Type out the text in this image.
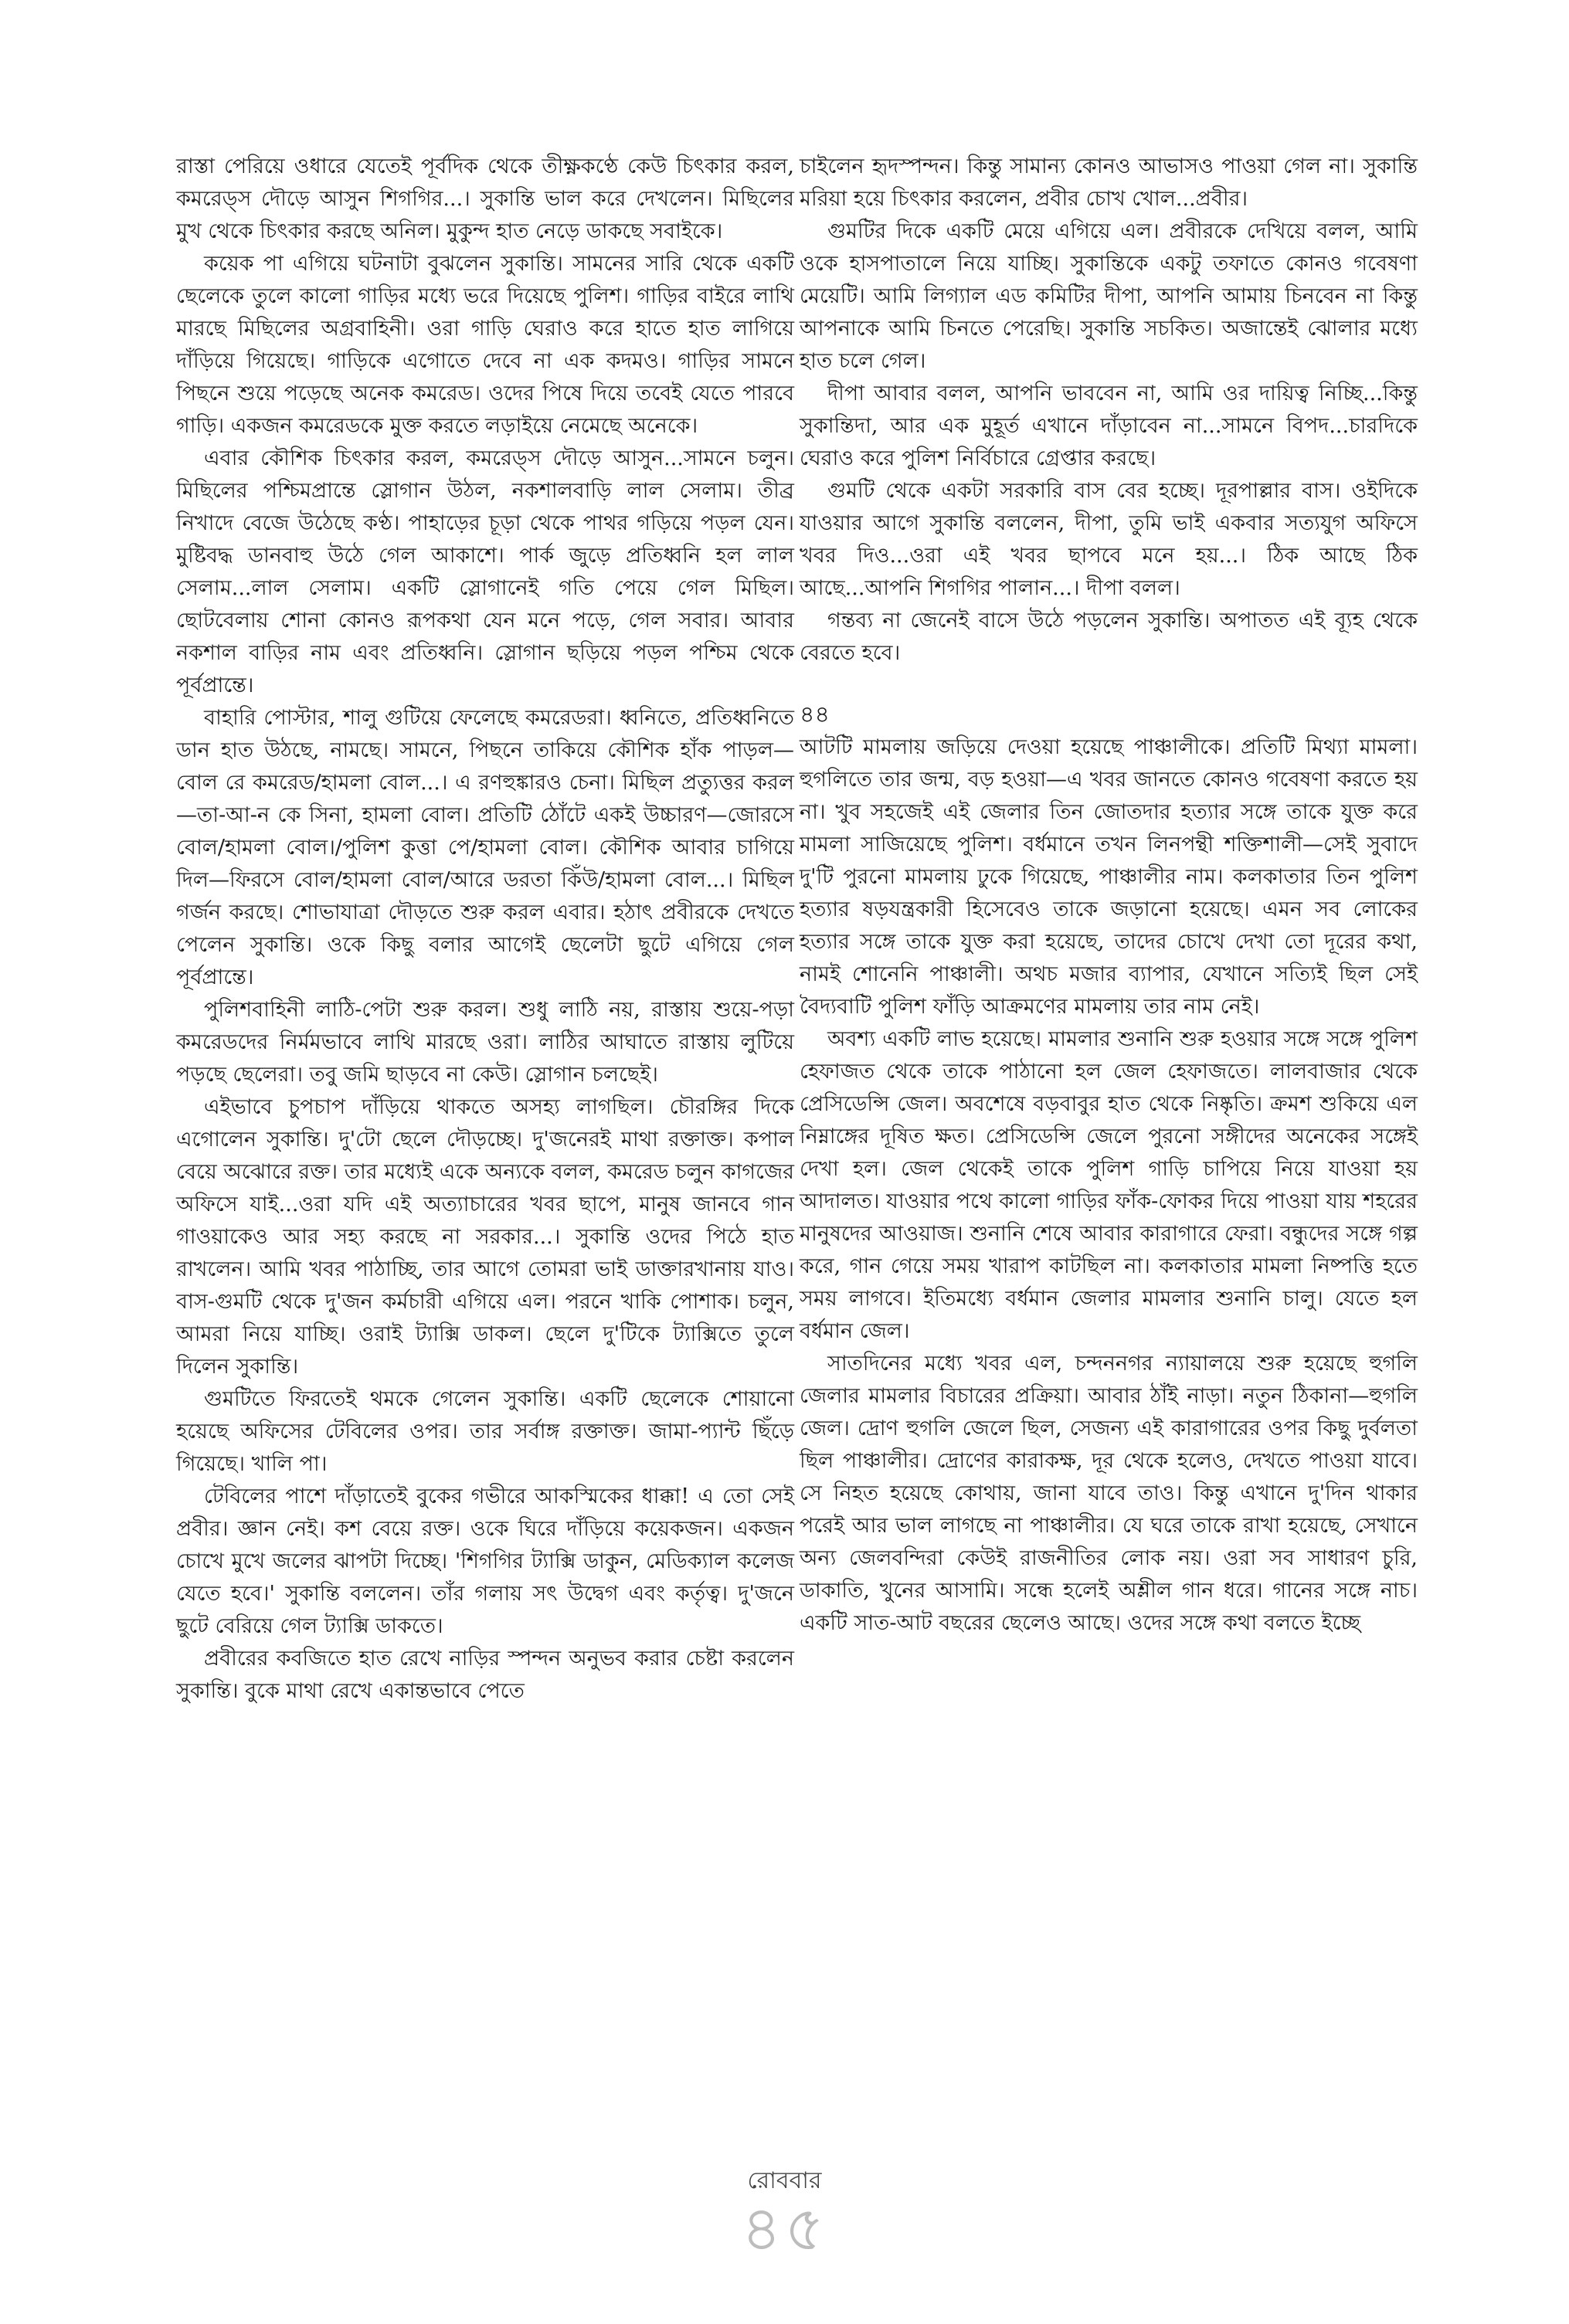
রাস্তা পেরিয়ে ওধারে যেতেই পূর্বদিক থেকে তীক্ষ্ণকণ্ঠে কেউ চিৎকার করল, কমরেড্‌স দৌড়ে আসুন শিগগির...। সুকান্তি ভাল করে দেখলেন। মিছিলের মুখ থেকে চিৎকার করছে অনিল। মুকুন্দ হাত নেড়ে ডাকছে সবাইকে।

কয়েক পা এগিয়ে ঘটনাটা বুঝলেন সুকান্তি। সামনের সারি থেকে একটি ছেলেকে তুলে কালো গাড়ির মধ্যে ভরে দিয়েছে পুলিশ। গাড়ির বাইরে লাথি মারছে মিছিলের অগ্রবাহিনী। ওরা গাড়ি ঘেরাও করে হাতে হাত লাগিয়ে দাঁড়িয়ে গিয়েছে। গাড়িকে এগোতে দেবে না এক কদমও। গাড়ির সামনে পিছনে শুয়ে পড়েছে অনেক কমরেড। ওদের পিষে দিয়ে তবেই যেতে পারবে গাড়ি। একজন কমরেডকে মুক্ত করতে লড়াইয়ে নেমেছে অনেকে।

এবার কৌশিক চিৎকার করল, কমরেড্‌স দৌড়ে আসুন...সামনে চলুন। মিছিলের পশ্চিমপ্রান্তে স্লোগান উঠল, নকশালবাড়ি লাল সেলাম। তীব্র নিখাদে বেজে উঠেছে কণ্ঠ। পাহাড়ের চূড়া থেকে পাথর গড়িয়ে পড়ল যেন। মুষ্টিবদ্ধ ডানবাহু উঠে গেল আকাশে। পার্ক জুড়ে প্রতিধ্বনি হল লাল সেলাম...লাল সেলাম। একটি স্লোগানেই গতি পেয়ে গেল মিছিল। ছোটবেলায় শোনা কোনও রূপকথা যেন মনে পড়ে, গেল সবার। আবার নকশাল বাড়ির নাম এবং প্রতিধ্বনি। স্লোগান ছড়িয়ে পড়ল পশ্চিম থেকে পূর্বপ্রান্তে।

বাহারি পোস্টার, শালু গুটিয়ে ফেলেছে কমরেডরা। ধ্বনিতে, প্রতিধ্বনিতে ডান হাত উঠছে, নামছে। সামনে, পিছনে তাকিয়ে কৌশিক হাঁক পাড়ল—বোল রে কমরেড/হামলা বোল...। এ রণহুঙ্কারও চেনা। মিছিল প্রত্যুত্তর করল—তা-আ-ন কে সিনা, হামলা বোল। প্রতিটি ঠোঁটে একই উচ্চারণ—জোরসে বোল/হামলা বোল।/পুলিশ কুত্তা পে/হামলা বোল। কৌশিক আবার চাগিয়ে দিল—ফিরসে বোল/হামলা বোল/আরে ডরতা কিঁউ/হামলা বোল...। মিছিল গর্জন করছে। শোভাযাত্রা দৌড়তে শুরু করল এবার। হঠাৎ প্রবীরকে দেখতে পেলেন সুকান্তি। ওকে কিছু বলার আগেই ছেলেটা ছুটে এগিয়ে গেল পূর্বপ্রান্তে।

পুলিশবাহিনী লাঠি-পেটা শুরু করল। শুধু লাঠি নয়, রাস্তায় শুয়ে-পড়া কমরেডদের নির্মমভাবে লাথি মারছে ওরা। লাঠির আঘাতে রাস্তায় লুটিয়ে পড়ছে ছেলেরা। তবু জমি ছাড়বে না কেউ। স্লোগান চলছেই।

এইভাবে চুপচাপ দাঁড়িয়ে থাকতে অসহ্য লাগছিল। চৌরঙ্গির দিকে এগোলেন সুকান্তি। দু'টো ছেলে দৌড়চ্ছে। দু'জনেরই মাথা রক্তাক্ত। কপাল বেয়ে অঝোরে রক্ত। তার মধ্যেই একে অন্যকে বলল, কমরেড চলুন কাগজের অফিসে যাই...ওরা যদি এই অত্যাচারের খবর ছাপে, মানুষ জানবে গান গাওয়াকেও আর সহ্য করছে না সরকার...। সুকান্তি ওদের পিঠে হাত রাখলেন। আমি খবর পাঠাচ্ছি, তার আগে তোমরা ভাই ডাক্তারখানায় যাও। বাস-গুমটি থেকে দু'জন কর্মচারী এগিয়ে এল। পরনে খাকি পোশাক। চলুন, আমরা নিয়ে যাচ্ছি। ওরাই ট্যাক্সি ডাকল। ছেলে দু'টিকে ট্যাক্সিতে তুলে দিলেন সুকান্তি।

গুমটিতে ফিরতেই থমকে গেলেন সুকান্তি। একটি ছেলেকে শোয়ানো হয়েছে অফিসের টেবিলের ওপর। তার সর্বাঙ্গ রক্তাক্ত। জামা-প্যান্ট ছিঁড়ে গিয়েছে। খালি পা।

টেবিলের পাশে দাঁড়াতেই বুকের গভীরে আকস্মিকের ধাক্কা! এ তো সেই প্রবীর। জ্ঞান নেই। কশ বেয়ে রক্ত। ওকে ঘিরে দাঁড়িয়ে কয়েকজন। একজন চোখে মুখে জলের ঝাপটা দিচ্ছে। 'শিগগির ট্যাক্সি ডাকুন, মেডিক্যাল কলেজ যেতে হবে।' সুকান্তি বললেন। তাঁর গলায় সৎ উদ্বেগ এবং কর্তৃত্ব। দু'জনে ছুটে বেরিয়ে গেল ট্যাক্সি ডাকতে।

প্রবীরের কবজিতে হাত রেখে নাড়ির স্পন্দন অনুভব করার চেষ্টা করলেন সুকান্তি। বুকে মাথা রেখে একান্তভাবে পেতে

চাইলেন হৃদস্পন্দন। কিন্তু সামান্য কোনও আভাসও পাওয়া গেল না। সুকান্তি মরিয়া হয়ে চিৎকার করলেন, প্রবীর চোখ খোল...প্রবীর।

গুমটির দিকে একটি মেয়ে এগিয়ে এল। প্রবীরকে দেখিয়ে বলল, আমি ওকে হাসপাতালে নিয়ে যাচ্ছি। সুকান্তিকে একটু তফাতে কোনও গবেষণা মেয়েটি। আমি লিগ্যাল এড কমিটির দীপা, আপনি আমায় চিনবেন না কিন্তু আপনাকে আমি চিনতে পেরেছি। সুকান্তি সচকিত। অজান্তেই ঝোলার মধ্যে হাত চলে গেল।

দীপা আবার বলল, আপনি ভাববেন না, আমি ওর দায়িত্ব নিচ্ছি...কিন্তু সুকান্তিদা, আর এক মুহূর্ত এখানে দাঁড়াবেন না...সামনে বিপদ...চারদিকে ঘেরাও করে পুলিশ নির্বিচারে গ্রেপ্তার করছে।

গুমটি থেকে একটা সরকারি বাস বের হচ্ছে। দূরপাল্লার বাস। ওইদিকে যাওয়ার আগে সুকান্তি বললেন, দীপা, তুমি ভাই একবার সত্যযুগ অফিসে খবর দিও...ওরা এই খবর ছাপবে মনে হয়...। ঠিক আছে ঠিক আছে...আপনি শিগগির পালান...। দীপা বলল।

গন্তব্য না জেনেই বাসে উঠে পড়লেন সুকান্তি। অপাতত এই ব্যূহ থেকে বেরতে হবে।

৪৪

আটটি মামলায় জড়িয়ে দেওয়া হয়েছে পাঞ্চালীকে। প্রতিটি মিথ্যা মামলা। হুগলিতে তার জন্ম, বড় হওয়া—এ খবর জানতে কোনও গবেষণা করতে হয় না। খুব সহজেই এই জেলার তিন জোতদার হত্যার সঙ্গে তাকে যুক্ত করে মামলা সাজিয়েছে পুলিশ। বর্ধমানে তখন লিনপন্থী শক্তিশালী—সেই সুবাদে দু'টি পুরনো মামলায় ঢুকে গিয়েছে, পাঞ্চালীর নাম। কলকাতার তিন পুলিশ হত্যার ষড়যন্ত্রকারী হিসেবেও তাকে জড়ানো হয়েছে। এমন সব লোকের হত্যার সঙ্গে তাকে যুক্ত করা হয়েছে, তাদের চোখে দেখা তো দূরের কথা, নামই শোনেনি পাঞ্চালী। অথচ মজার ব্যাপার, যেখানে সত্যিই ছিল সেই বৈদ্যবাটি পুলিশ ফাঁড়ি আক্রমণের মামলায় তার নাম নেই।

অবশ্য একটি লাভ হয়েছে। মামলার শুনানি শুরু হওয়ার সঙ্গে সঙ্গে পুলিশ হেফাজত থেকে তাকে পাঠানো হল জেল হেফাজতে। লালবাজার থেকে প্রেসিডেন্সি জেল। অবশেষে বড়বাবুর হাত থেকে নিষ্কৃতি। ক্রমশ শুকিয়ে এল নিম্নাঙ্গের দূষিত ক্ষত। প্রেসিডেন্সি জেলে পুরনো সঙ্গীদের অনেকের সঙ্গেই দেখা হল। জেল থেকেই তাকে পুলিশ গাড়ি চাপিয়ে নিয়ে যাওয়া হয় আদালত। যাওয়ার পথে কালো গাড়ির ফাঁক-ফোকর দিয়ে পাওয়া যায় শহরের মানুষদের আওয়াজ। শুনানি শেষে আবার কারাগারে ফেরা। বন্ধুদের সঙ্গে গল্প করে, গান গেয়ে সময় খারাপ কাটছিল না। কলকাতার মামলা নিষ্পত্তি হতে সময় লাগবে। ইতিমধ্যে বর্ধমান জেলার মামলার শুনানি চালু। যেতে হল বর্ধমান জেল।

সাতদিনের মধ্যে খবর এল, চন্দননগর ন্যায়ালয়ে শুরু হয়েছে হুগলি জেলার মামলার বিচারের প্রক্রিয়া। আবার ঠাঁই নাড়া। নতুন ঠিকানা—হুগলি জেল। দ্রোণ হুগলি জেলে ছিল, সেজন্য এই কারাগারের ওপর কিছু দুর্বলতা ছিল পাঞ্চালীর। দ্রোণের কারাকক্ষ, দূর থেকে হলেও, দেখতে পাওয়া যাবে। সে নিহত হয়েছে কোথায়, জানা যাবে তাও। কিন্তু এখানে দু'দিন থাকার পরেই আর ভাল লাগছে না পাঞ্চালীর। যে ঘরে তাকে রাখা হয়েছে, সেখানে অন্য জেলবন্দিরা কেউই রাজনীতির লোক নয়। ওরা সব সাধারণ চুরি, ডাকাতি, খুনের আসামি। সন্ধে হলেই অশ্লীল গান ধরে। গানের সঙ্গে নাচ। একটি সাত-আট বছরের ছেলেও আছে। ওদের সঙ্গে কথা বলতে ইচ্ছে

রোববার
৪৫
